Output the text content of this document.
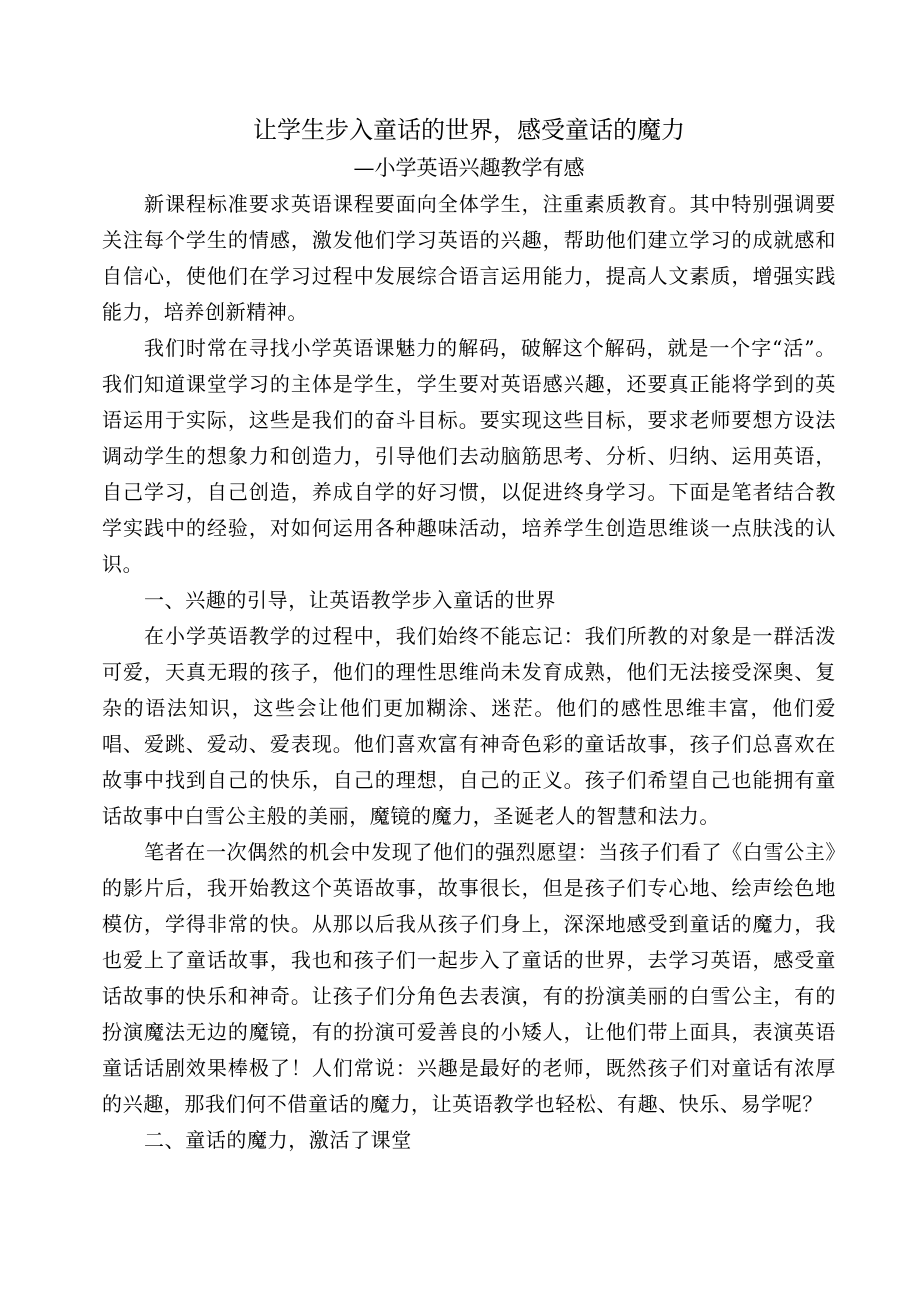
让学生步入童话的世界，感受童话的魔力
—小学英语兴趣教学有感

新课程标准要求英语课程要面向全体学生，注重素质教育。其中特别强调要关注每个学生的情感，激发他们学习英语的兴趣，帮助他们建立学习的成就感和自信心，使他们在学习过程中发展综合语言运用能力，提高人文素质，增强实践能力，培养创新精神。

我们时常在寻找小学英语课魅力的解码，破解这个解码，就是一个字“活”。我们知道课堂学习的主体是学生，学生要对英语感兴趣，还要真正能将学到的英语运用于实际，这些是我们的奋斗目标。要实现这些目标，要求老师要想方设法调动学生的想象力和创造力，引导他们去动脑筋思考、分析、归纳、运用英语，自己学习，自己创造，养成自学的好习惯，以促进终身学习。下面是笔者结合教学实践中的经验，对如何运用各种趣味活动，培养学生创造思维谈一点肤浅的认识。

一、兴趣的引导，让英语教学步入童话的世界

在小学英语教学的过程中，我们始终不能忘记：我们所教的对象是一群活泼可爱，天真无瑕的孩子，他们的理性思维尚未发育成熟，他们无法接受深奥、复杂的语法知识，这些会让他们更加糊涂、迷茫。他们的感性思维丰富，他们爱唱、爱跳、爱动、爱表现。他们喜欢富有神奇色彩的童话故事，孩子们总喜欢在故事中找到自己的快乐，自己的理想，自己的正义。孩子们希望自己也能拥有童话故事中白雪公主般的美丽，魔镜的魔力，圣诞老人的智慧和法力。

笔者在一次偶然的机会中发现了他们的强烈愿望：当孩子们看了《白雪公主》的影片后，我开始教这个英语故事，故事很长，但是孩子们专心地、绘声绘色地模仿，学得非常的快。从那以后我从孩子们身上，深深地感受到童话的魔力，我也爱上了童话故事，我也和孩子们一起步入了童话的世界，去学习英语，感受童话故事的快乐和神奇。让孩子们分角色去表演，有的扮演美丽的白雪公主，有的扮演魔法无边的魔镜，有的扮演可爱善良的小矮人，让他们带上面具，表演英语童话话剧效果棒极了！人们常说：兴趣是最好的老师，既然孩子们对童话有浓厚的兴趣，那我们何不借童话的魔力，让英语教学也轻松、有趣、快乐、易学呢？

二、童话的魔力，激活了课堂
